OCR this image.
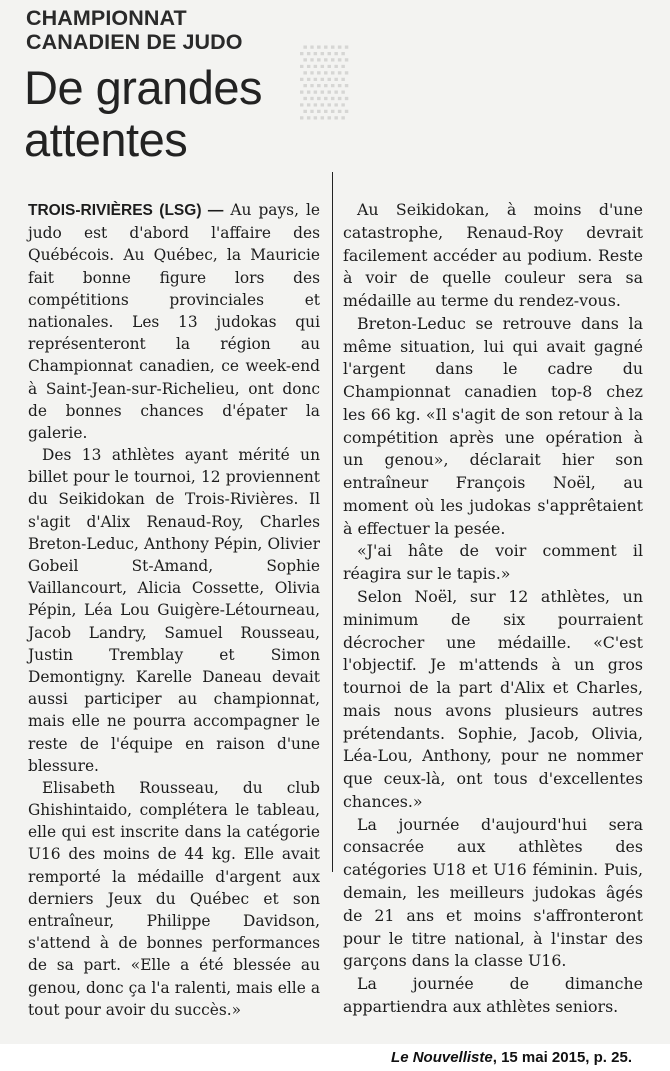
▒
CHAMPIONNAT
CANADIEN DE JUDO
De grandes
attentes

TROIS-RIVIÈRES (LSG) — Au pays, le judo est d'abord l'affaire des Québécois. Au Québec, la Mauricie fait bonne figure lors des compétitions provinciales et nationales. Les 13 judokas qui représenteront la région au Championnat canadien, ce week-end à Saint-Jean-sur-Richelieu, ont donc de bonnes chances d'épater la galerie.

Des 13 athlètes ayant mérité un billet pour le tournoi, 12 proviennent du Seikidokan de Trois-Rivières. Il s'agit d'Alix Renaud-Roy, Charles Breton-Leduc, Anthony Pépin, Olivier Gobeil St-Amand, Sophie Vaillancourt, Alicia Cossette, Olivia Pépin, Léa Lou Guigère-Létourneau, Jacob Landry, Samuel Rousseau, Justin Tremblay et Simon Demontigny. Karelle Daneau devait aussi participer au championnat, mais elle ne pourra accompagner le reste de l'équipe en raison d'une blessure.

Elisabeth Rousseau, du club Ghishintaido, complétera le tableau, elle qui est inscrite dans la catégorie U16 des moins de 44 kg. Elle avait remporté la médaille d'argent aux derniers Jeux du Québec et son entraîneur, Philippe Davidson, s'attend à de bonnes performances de sa part. «Elle a été blessée au genou, donc ça l'a ralenti, mais elle a tout pour avoir du succès.»

Au Seikidokan, à moins d'une catastrophe, Renaud-Roy devrait facilement accéder au podium. Reste à voir de quelle couleur sera sa médaille au terme du rendez-vous.

Breton-Leduc se retrouve dans la même situation, lui qui avait gagné l'argent dans le cadre du Championnat canadien top-8 chez les 66 kg. «Il s'agit de son retour à la compétition après une opération à un genou», déclarait hier son entraîneur François Noël, au moment où les judokas s'apprêtaient à effectuer la pesée.

«J'ai hâte de voir comment il réagira sur le tapis.»

Selon Noël, sur 12 athlètes, un minimum de six pourraient décrocher une médaille. «C'est l'objectif. Je m'attends à un gros tournoi de la part d'Alix et Charles, mais nous avons plusieurs autres prétendants. Sophie, Jacob, Olivia, Léa-Lou, Anthony, pour ne nommer que ceux-là, ont tous d'excellentes chances.»

La journée d'aujourd'hui sera consacrée aux athlètes des catégories U18 et U16 féminin. Puis, demain, les meilleurs judokas âgés de 21 ans et moins s'affronteront pour le titre national, à l'instar des garçons dans la classe U16.

La journée de dimanche appartiendra aux athlètes seniors.

Le Nouvelliste, 15 mai 2015, p. 25.
